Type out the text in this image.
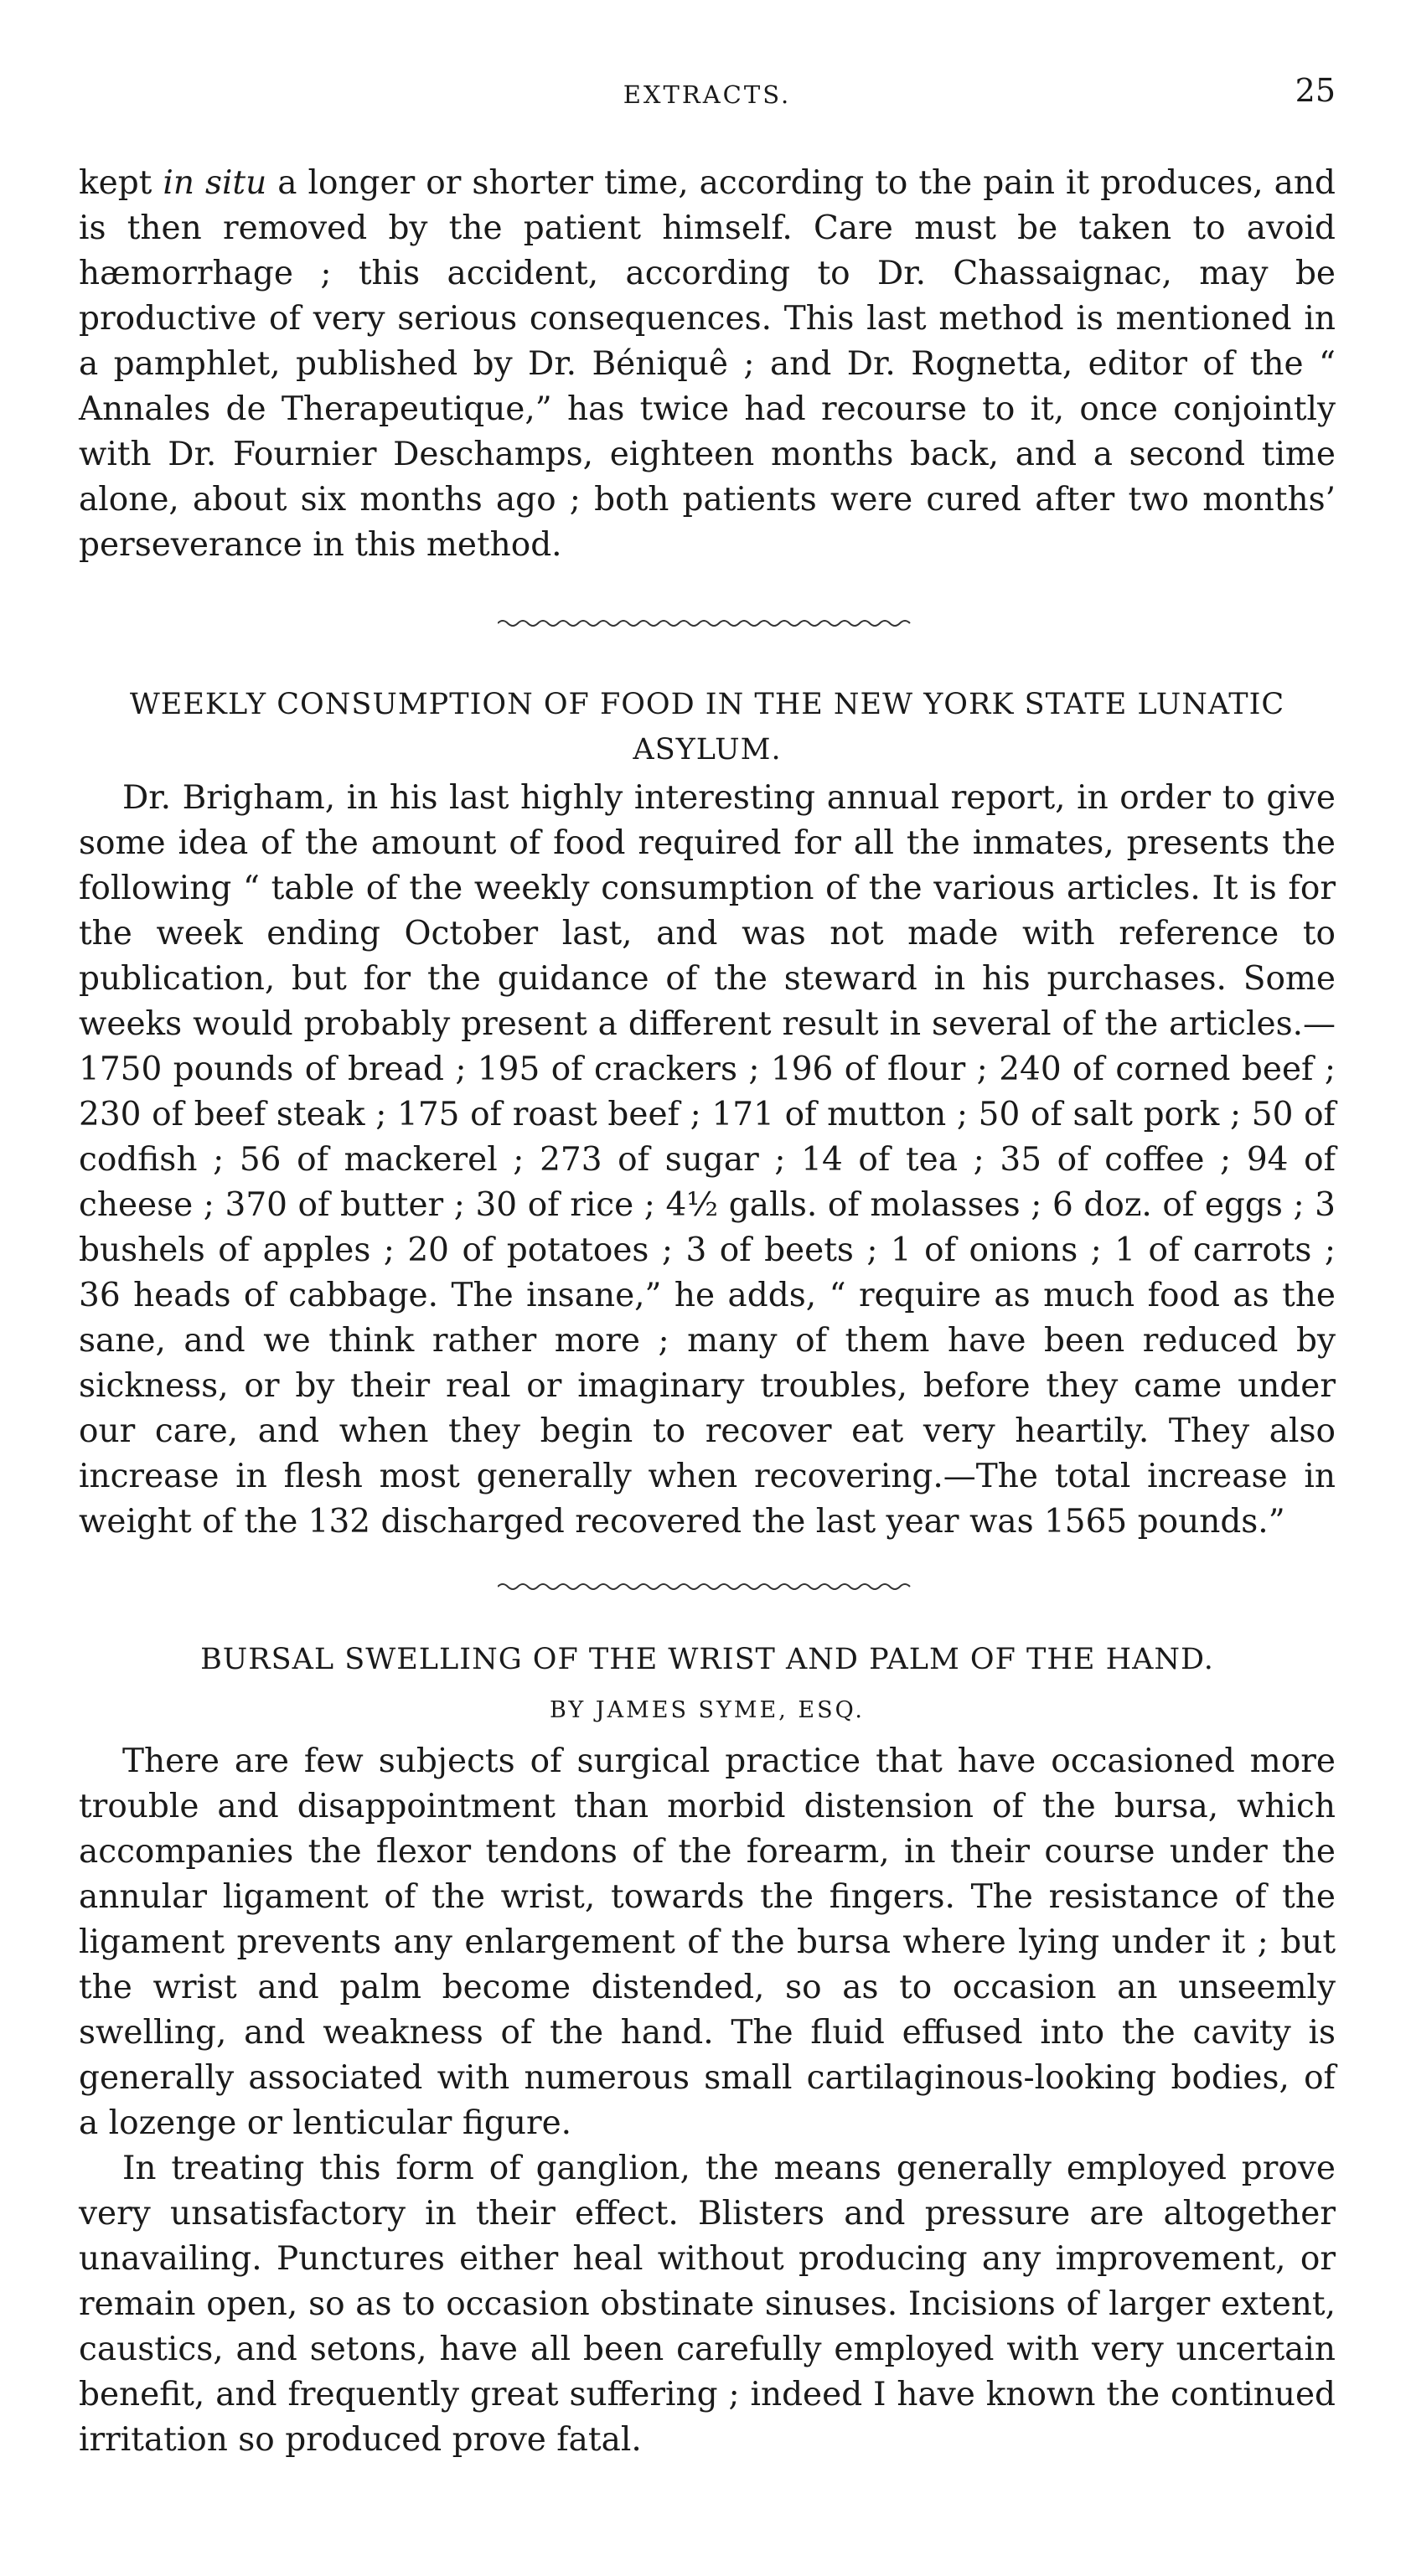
EXTRACTS.	25

kept in situ a longer or shorter time, according to the pain it produces, and is then removed by the patient himself. Care must be taken to avoid hæmorrhage ; this accident, according to Dr. Chassaignac, may be productive of very serious consequences. This last method is mentioned in a pamphlet, published by Dr. Béniquê ; and Dr. Rognetta, editor of the “ Annales de Therapeutique,” has twice had recourse to it, once conjointly with Dr. Fournier Deschamps, eighteen months back, and a second time alone, about six months ago ; both patients were cured after two months’ perseverance in this method.

WEEKLY CONSUMPTION OF FOOD IN THE NEW YORK STATE LUNATIC ASYLUM.

Dr. Brigham, in his last highly interesting annual report, in order to give some idea of the amount of food required for all the inmates, presents the following “ table of the weekly consumption of the various articles. It is for the week ending October last, and was not made with reference to publication, but for the guidance of the steward in his purchases. Some weeks would probably present a different result in several of the articles.—1750 pounds of bread ; 195 of crackers ; 196 of flour ; 240 of corned beef ; 230 of beef steak ; 175 of roast beef ; 171 of mutton ; 50 of salt pork ; 50 of codfish ; 56 of mackerel ; 273 of sugar ; 14 of tea ; 35 of coffee ; 94 of cheese ; 370 of butter ; 30 of rice ; 4½ galls. of molasses ; 6 doz. of eggs ; 3 bushels of apples ; 20 of potatoes ; 3 of beets ; 1 of onions ; 1 of carrots ; 36 heads of cabbage. The insane,” he adds, “ require as much food as the sane, and we think rather more ; many of them have been reduced by sickness, or by their real or imaginary troubles, before they came under our care, and when they begin to recover eat very heartily. They also increase in flesh most generally when recovering.—The total increase in weight of the 132 discharged recovered the last year was 1565 pounds.”

BURSAL SWELLING OF THE WRIST AND PALM OF THE HAND.
BY JAMES SYME, ESQ.

There are few subjects of surgical practice that have occasioned more trouble and disappointment than morbid distension of the bursa, which accompanies the flexor tendons of the forearm, in their course under the annular ligament of the wrist, towards the fingers. The resistance of the ligament prevents any enlargement of the bursa where lying under it ; but the wrist and palm become distended, so as to occasion an unseemly swelling, and weakness of the hand. The fluid effused into the cavity is generally associated with numerous small cartilaginous-looking bodies, of a lozenge or lenticular figure.

In treating this form of ganglion, the means generally employed prove very unsatisfactory in their effect. Blisters and pressure are altogether unavailing. Punctures either heal without producing any improvement, or remain open, so as to occasion obstinate sinuses. Incisions of larger extent, caustics, and setons, have all been carefully employed with very uncertain benefit, and frequently great suffering ; indeed I have known the continued irritation so produced prove fatal.
